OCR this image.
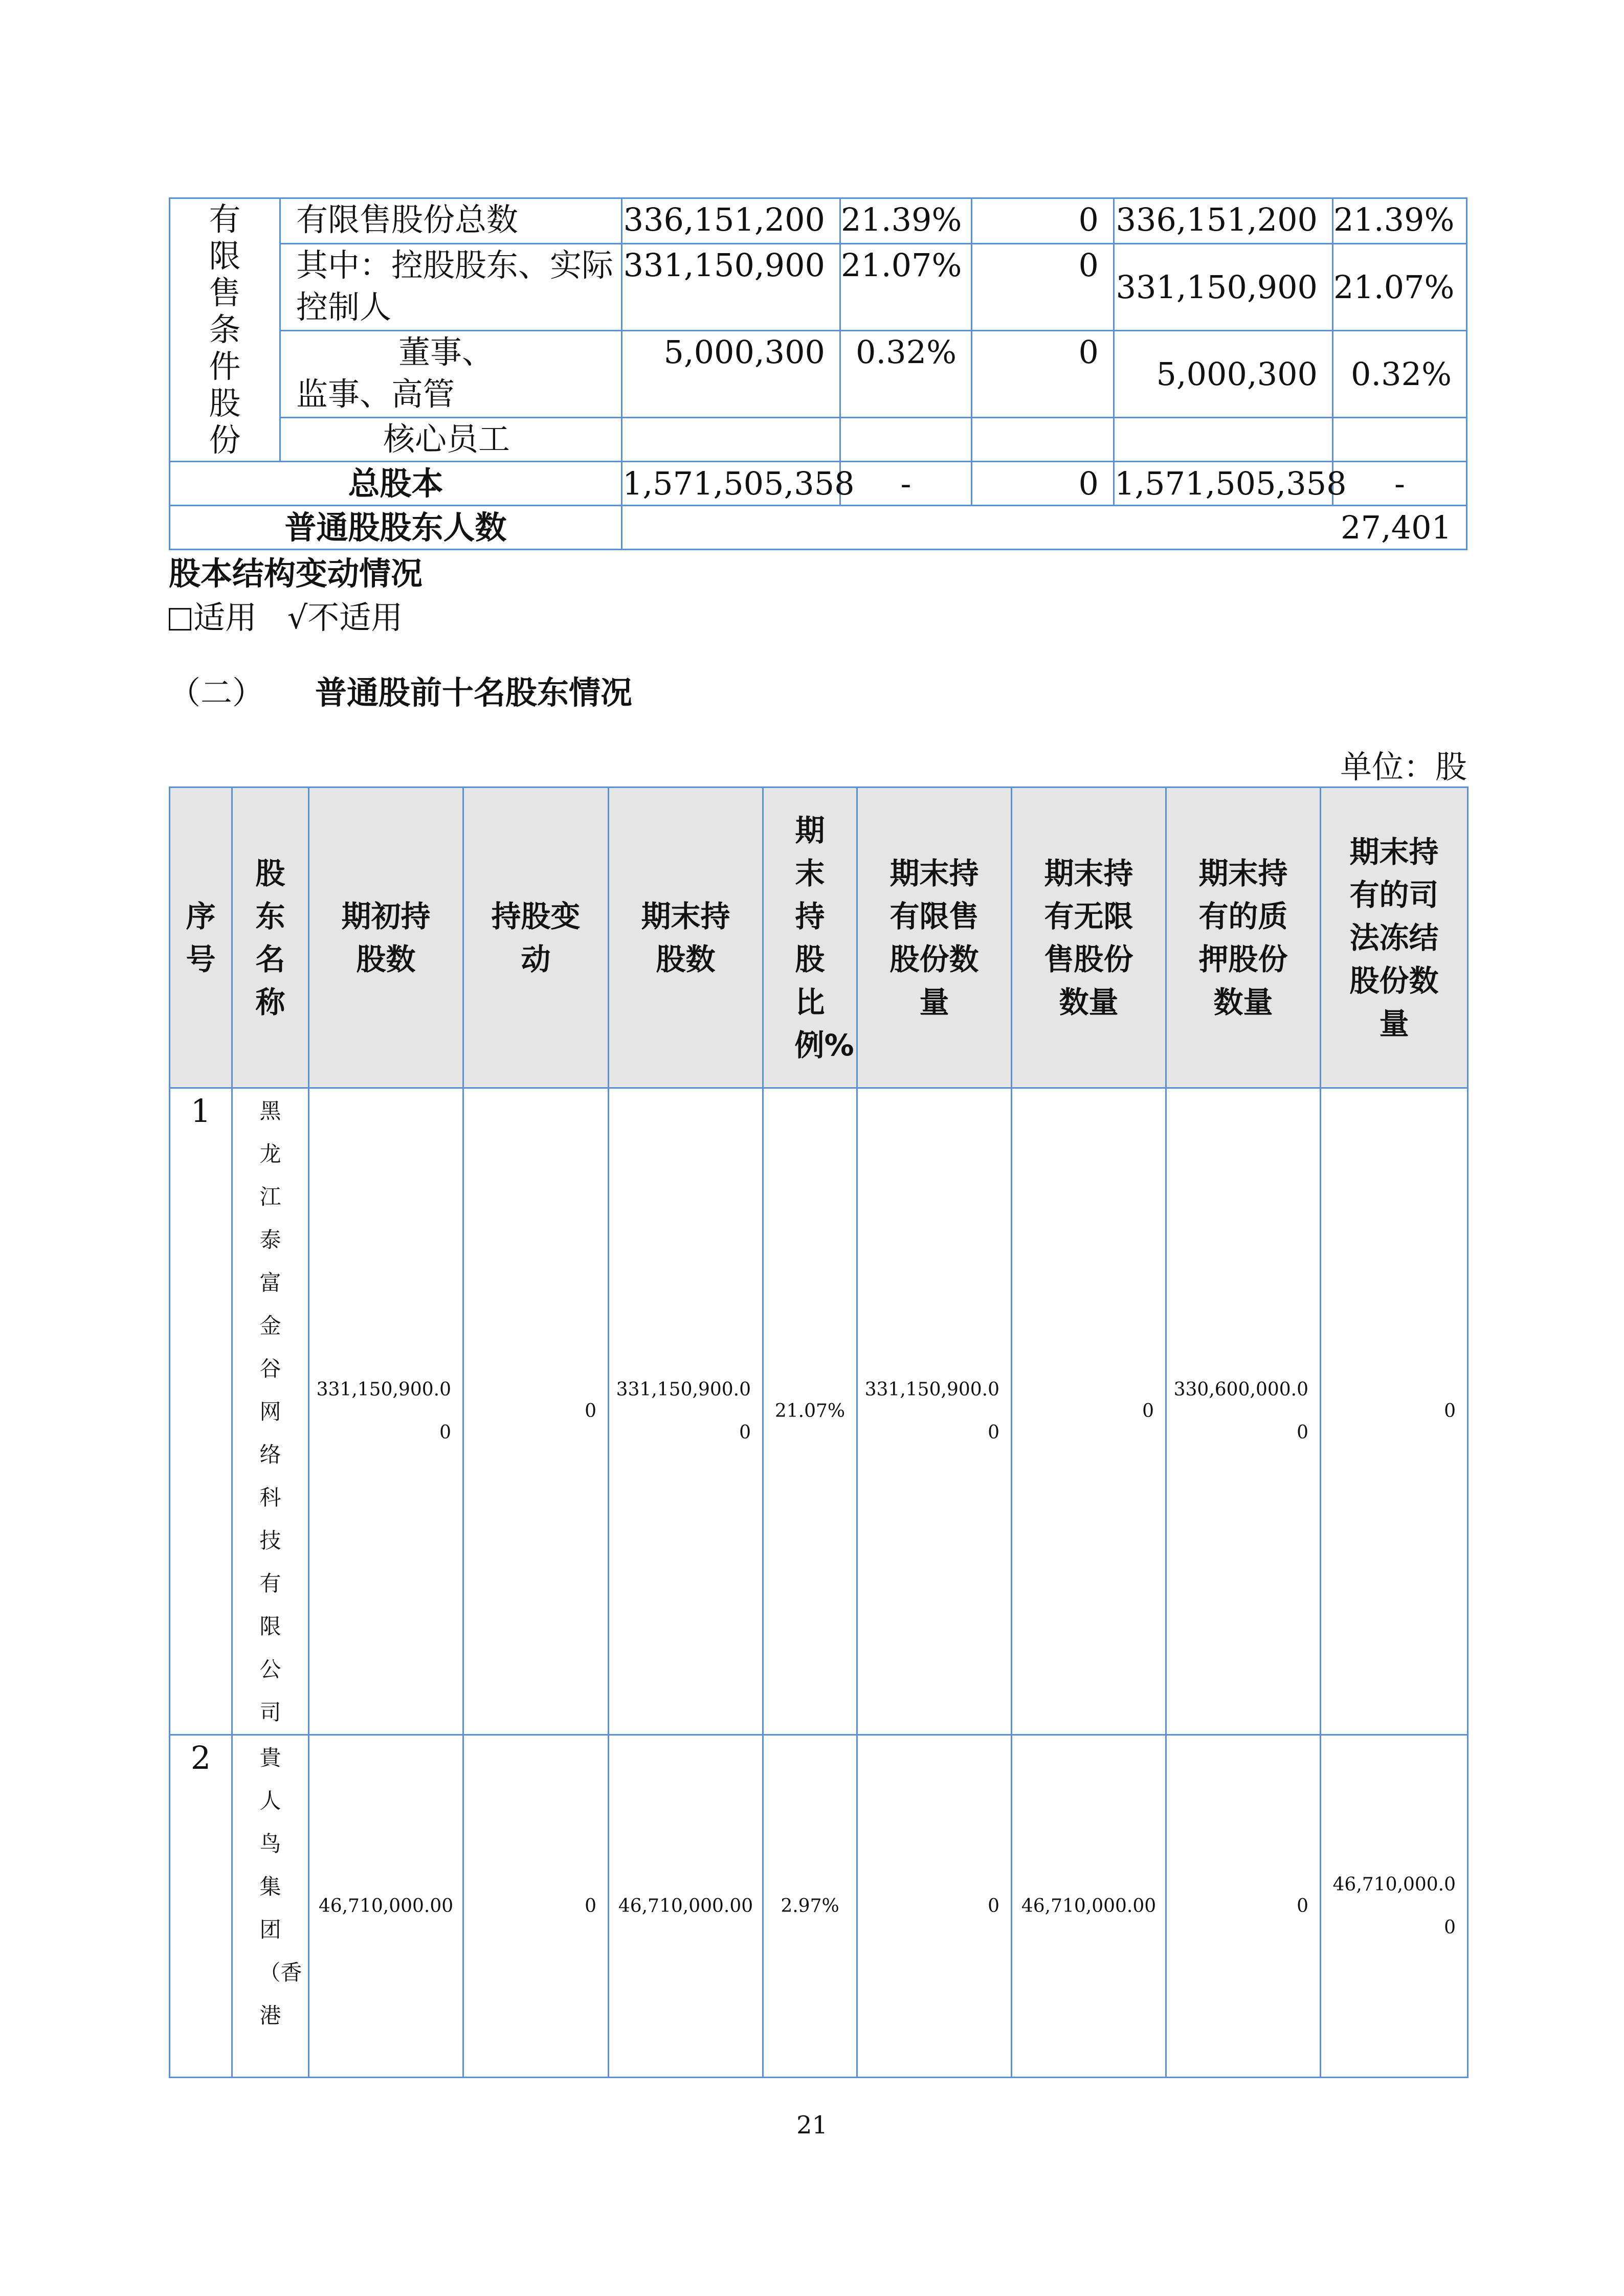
有限售条件股份	有限售股份总数	336,151,200	21.39%	0	336,151,200	21.39%

	其中：控股股东、实际控制人	331,150,900	21.07%	0	331,150,900	21.07%

	董事、监事、高管	5,000,300	0.32%	0	5,000,300	0.32%
	核心员工					
总股本		1,571,505,358	-	0	1,571,505,358	-
普通股股东人数		27,401				
股本结构变动情况
适用 √不适用
（二） 普通股前十名股东情况
单位：股
序号	股东名称	期初持股数	持股变动	期末持股数	期末持股比例%	期末持有限售股份数量	期末持有无限售股份数量	期末持有的质押股份数量	期末持有的司法冻结股份数量

1	黑龙江泰富金谷网络科技有限公司	331,150,900.00	0	331,150,900.00	21.07%	331,150,900.00	0	330,600,000.00	0
2	貴人鸟集团（香港	46,710,000.00	0	46,710,000.00	2.97%	0	46,710,000.00	0	46,710,000.00
21
